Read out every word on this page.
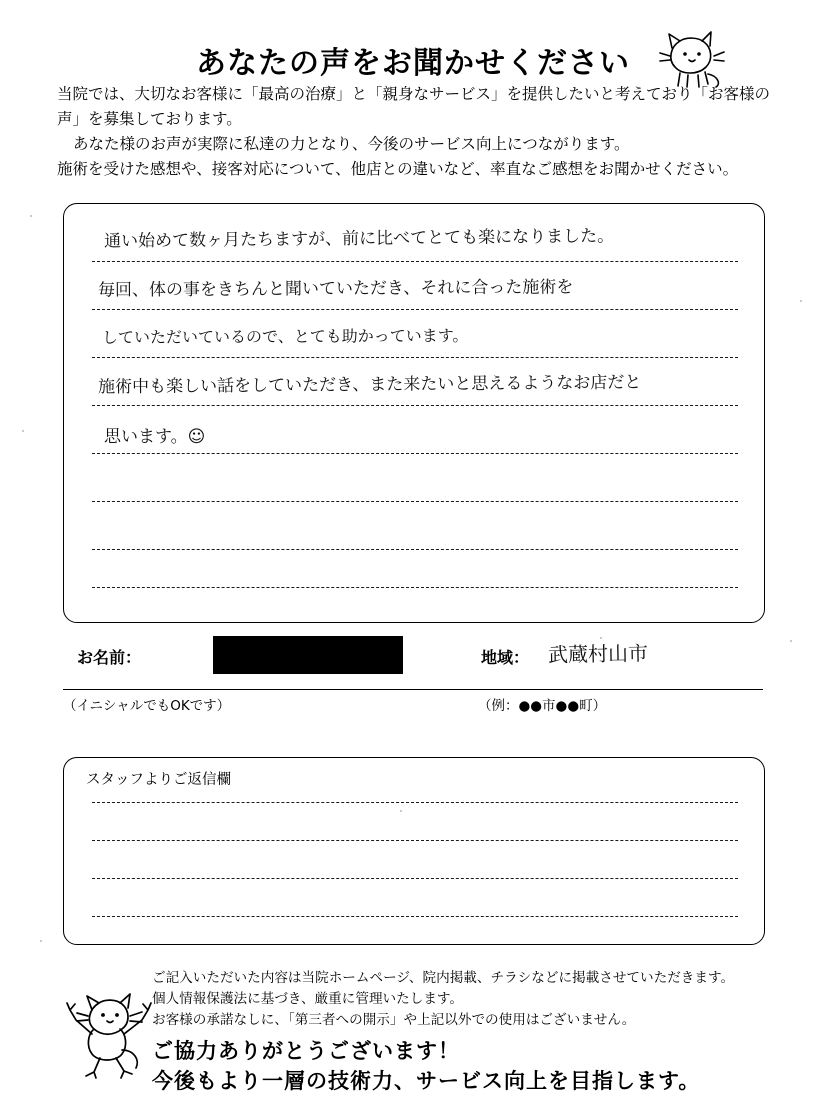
あなたの声をお聞かせください

当院では、大切なお客様に「最高の治療」と「親身なサービス」を提供したいと考えており「お客様の声」を募集しております。

あなた様のお声が実際に私達の力となり、今後のサービス向上につながります。

施術を受けた感想や、接客対応について、他店との違いなど、率直なご感想をお聞かせください。

通い始めて数ヶ月たちますが、前に比べてとても楽になりました。
毎回、体の事をきちんと聞いていただき、それに合った施術を
していただいているので、とても助かっています。
施術中も楽しい話をしていただき、また来たいと思えるようなお店だと
思います。☺
お名前：	年齢：	地域： 武蔵村山市
（イニシャルでもOKです）	（例：●●市●●町）
スタッフよりご返信欄
ご記入いただいた内容は当院ホームページ、院内掲載、チラシなどに掲載させていただきます。
個人情報保護法に基づき、厳重に管理いたします。
お客様の承諾なしに、「第三者への開示」や上記以外での使用はございません。
ご協力ありがとうございます！
今後もより一層の技術力、サービス向上を目指します。
